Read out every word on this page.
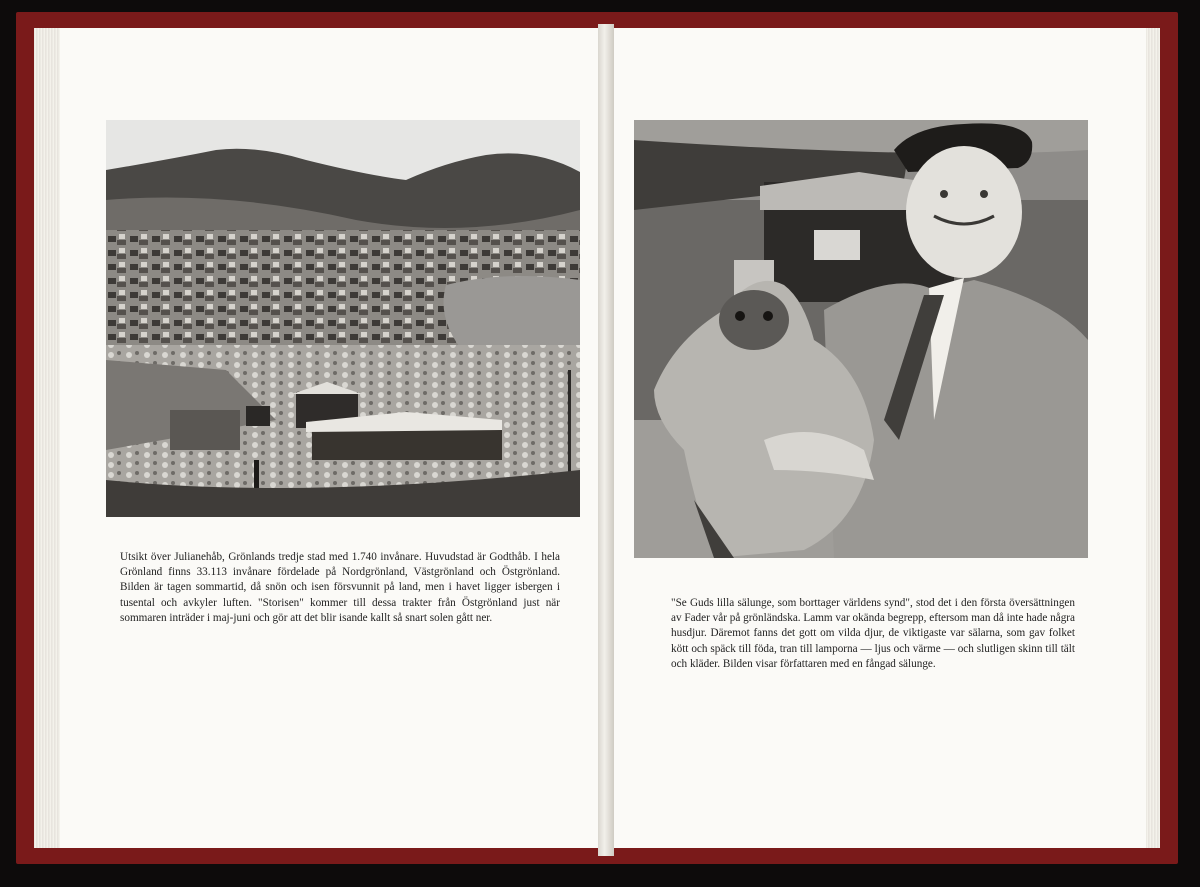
Utsikt över Julianehåb, Grönlands tredje stad med 1.740 invånare. Huvudstad är Godthåb. I hela Grönland finns 33.113 invånare fördelade på Nordgrönland, Västgrönland och Östgrönland. Bilden är tagen sommartid, då snön och isen försvunnit på land, men i havet ligger isbergen i tusental och avkyler luften. "Storisen" kommer till dessa trakter från Östgrönland just när sommaren inträder i maj-juni och gör att det blir isande kallt så snart solen gått ner.
"Se Guds lilla sälunge, som borttager världens synd", stod det i den första översättningen av Fader vår på grönländska. Lamm var okända begrepp, eftersom man då inte hade några husdjur. Däremot fanns det gott om vilda djur, de viktigaste var sälarna, som gav folket kött och späck till föda, tran till lamporna — ljus och värme — och slutligen skinn till tält och kläder. Bilden visar författaren med en fångad sälunge.
